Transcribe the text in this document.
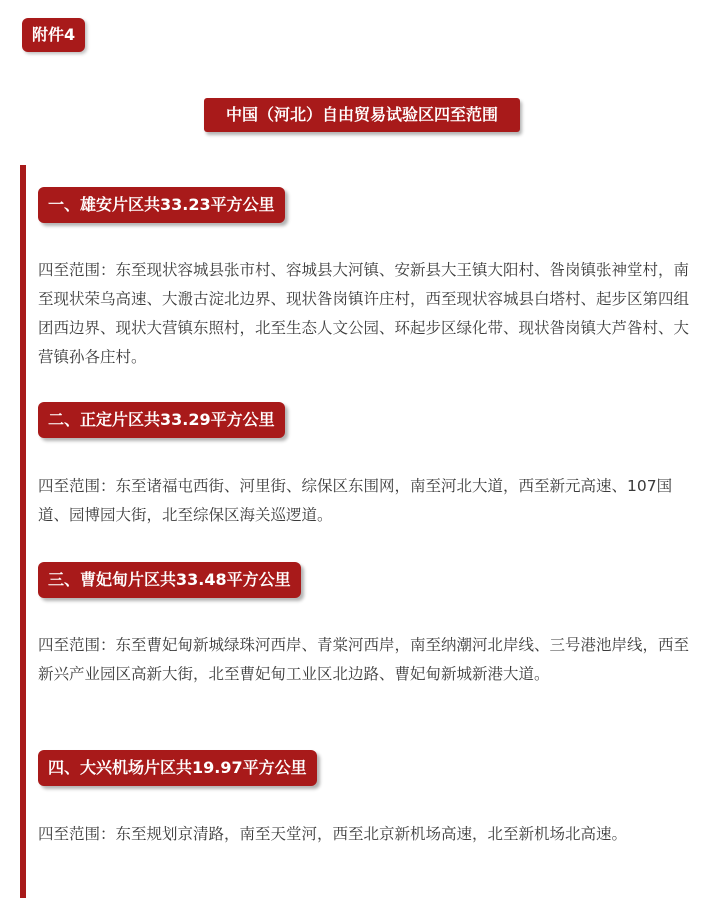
附件4
中国（河北）自由贸易试验区四至范围
一、雄安片区共33.23平方公里
四至范围：东至现状容城县张市村、容城县大河镇、安新县大王镇大阳村、昝岗镇张神堂村，南至现状荣乌高速、大溵古淀北边界、现状昝岗镇许庄村，西至现状容城县白塔村、起步区第四组团西边界、现状大营镇东照村，北至生态人文公园、环起步区绿化带、现状昝岗镇大芦昝村、大营镇孙各庄村。
二、正定片区共33.29平方公里
四至范围：东至诸福屯西街、河里街、综保区东围网，南至河北大道，西至新元高速、107国道、园博园大街，北至综保区海关巡逻道。
三、曹妃甸片区共33.48平方公里
四至范围：东至曹妃甸新城绿珠河西岸、青棠河西岸，南至纳潮河北岸线、三号港池岸线，西至新兴产业园区高新大街，北至曹妃甸工业区北边路、曹妃甸新城新港大道。
四、大兴机场片区共19.97平方公里
四至范围：东至规划京清路，南至天堂河，西至北京新机场高速，北至新机场北高速。
